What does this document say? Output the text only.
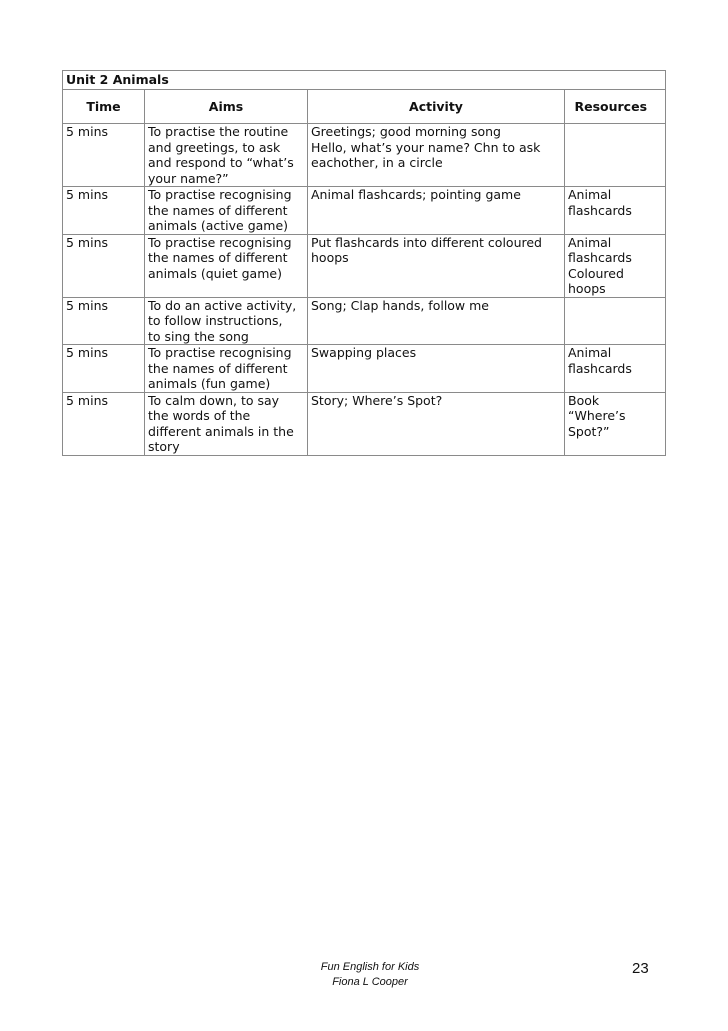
Unit 2 Animals			
Time	Aims	Activity	Resources
5 mins	To practise the routine
and greetings, to ask
and respond to “what’s
your name?”	Greetings; good morning song
Hello, what’s your name? Chn to ask
eachother, in a circle	

5 mins	To practise recognising
the names of different
animals (active game)	Animal flashcards; pointing game	Animal
flashcards

5 mins	To practise recognising
the names of different
animals (quiet game)	Put flashcards into different coloured
hoops	Animal
flashcards
Coloured
hoops

5 mins	To do an active activity,
to follow instructions,
to sing the song	Song; Clap hands, follow me	

5 mins	To practise recognising
the names of different
animals (fun game)	Swapping places	Animal
flashcards

5 mins	To calm down, to say
the words of the
different animals in the
story	Story; Where’s Spot?	Book
“Where’s
Spot?”
Fun English for Kids
Fiona L Cooper
23
